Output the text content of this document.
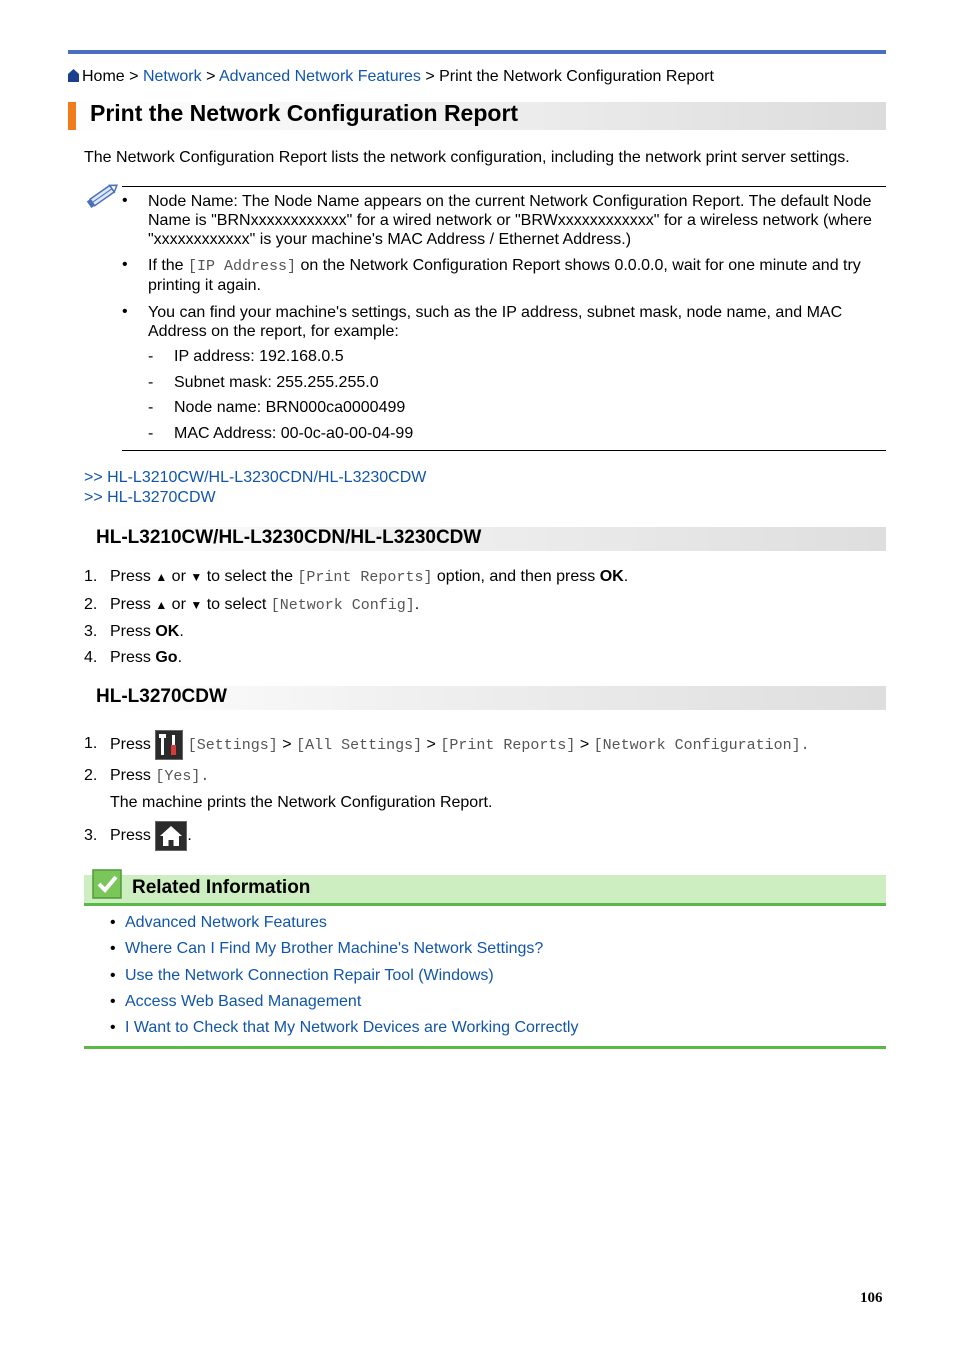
Home > Network > Advanced Network Features > Print the Network Configuration Report
Print the Network Configuration Report
The Network Configuration Report lists the network configuration, including the network print server settings.
• Node Name: The Node Name appears on the current Network Configuration Report. The default Node Name is "BRNxxxxxxxxxxxx" for a wired network or "BRWxxxxxxxxxxxx" for a wireless network (where "xxxxxxxxxxxx" is your machine's MAC Address / Ethernet Address.)
• If the [IP Address] on the Network Configuration Report shows 0.0.0.0, wait for one minute and try printing it again.
• You can find your machine's settings, such as the IP address, subnet mask, node name, and MAC Address on the report, for example:
- IP address: 192.168.0.5
- Subnet mask: 255.255.255.0
- Node name: BRN000ca0000499
- MAC Address: 00-0c-a0-00-04-99
>> HL-L3210CW/HL-L3230CDN/HL-L3230CDW
>> HL-L3270CDW
HL-L3210CW/HL-L3230CDN/HL-L3230CDW
1. Press ▲ or ▼ to select the [Print Reports] option, and then press OK.
2. Press ▲ or ▼ to select [Network Config].
3. Press OK.
4. Press Go.
HL-L3270CDW
1. Press  [Settings] > [All Settings] > [Print Reports] > [Network Configuration].
2. Press [Yes].
The machine prints the Network Configuration Report.
3. Press .
Related Information
• Advanced Network Features
• Where Can I Find My Brother Machine's Network Settings?
• Use the Network Connection Repair Tool (Windows)
• Access Web Based Management
• I Want to Check that My Network Devices are Working Correctly
106
